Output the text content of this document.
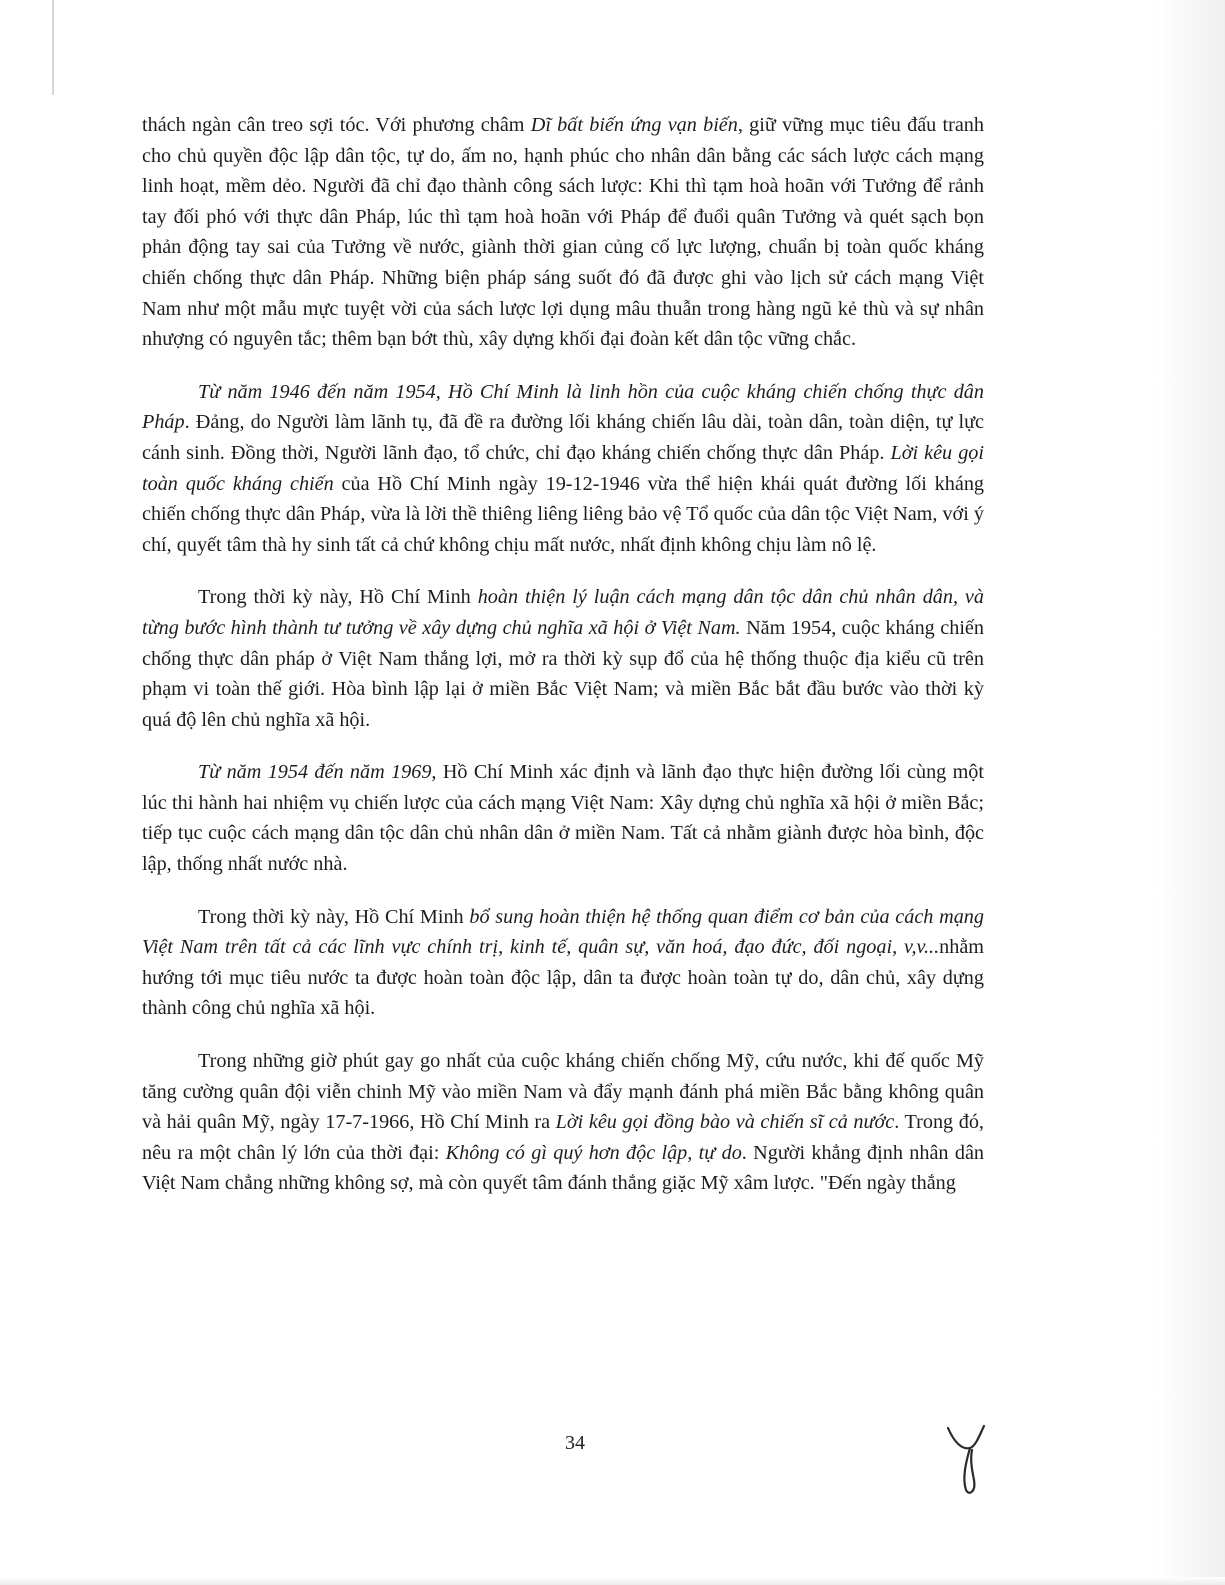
thách ngàn cân treo sợi tóc. Với phương châm Dĩ bất biến ứng vạn biến, giữ vững mục tiêu đấu tranh cho chủ quyền độc lập dân tộc, tự do, ấm no, hạnh phúc cho nhân dân bằng các sách lược cách mạng linh hoạt, mềm dẻo. Người đã chỉ đạo thành công sách lược: Khi thì tạm hoà hoãn với Tưởng để rảnh tay đối phó với thực dân Pháp, lúc thì tạm hoà hoãn với Pháp để đuổi quân Tưởng và quét sạch bọn phản động tay sai của Tưởng về nước, giành thời gian củng cố lực lượng, chuẩn bị toàn quốc kháng chiến chống thực dân Pháp. Những biện pháp sáng suốt đó đã được ghi vào lịch sử cách mạng Việt Nam như một mẫu mực tuyệt vời của sách lược lợi dụng mâu thuẫn trong hàng ngũ kẻ thù và sự nhân nhượng có nguyên tắc; thêm bạn bớt thù, xây dựng khối đại đoàn kết dân tộc vững chắc.

Từ năm 1946 đến năm 1954, Hồ Chí Minh là linh hồn của cuộc kháng chiến chống thực dân Pháp. Đảng, do Người làm lãnh tụ, đã đề ra đường lối kháng chiến lâu dài, toàn dân, toàn diện, tự lực cánh sinh. Đồng thời, Người lãnh đạo, tổ chức, chỉ đạo kháng chiến chống thực dân Pháp. Lời kêu gọi toàn quốc kháng chiến của Hồ Chí Minh ngày 19-12-1946 vừa thể hiện khái quát đường lối kháng chiến chống thực dân Pháp, vừa là lời thề thiêng liêng liêng bảo vệ Tổ quốc của dân tộc Việt Nam, với ý chí, quyết tâm thà hy sinh tất cả chứ không chịu mất nước, nhất định không chịu làm nô lệ.

Trong thời kỳ này, Hồ Chí Minh hoàn thiện lý luận cách mạng dân tộc dân chủ nhân dân, và từng bước hình thành tư tưởng về xây dựng chủ nghĩa xã hội ở Việt Nam. Năm 1954, cuộc kháng chiến chống thực dân pháp ở Việt Nam thắng lợi, mở ra thời kỳ sụp đổ của hệ thống thuộc địa kiểu cũ trên phạm vi toàn thế giới. Hòa bình lập lại ở miền Bắc Việt Nam; và miền Bắc bắt đầu bước vào thời kỳ quá độ lên chủ nghĩa xã hội.

Từ năm 1954 đến năm 1969, Hồ Chí Minh xác định và lãnh đạo thực hiện đường lối cùng một lúc thi hành hai nhiệm vụ chiến lược của cách mạng Việt Nam: Xây dựng chủ nghĩa xã hội ở miền Bắc; tiếp tục cuộc cách mạng dân tộc dân chủ nhân dân ở miền Nam. Tất cả nhằm giành được hòa bình, độc lập, thống nhất nước nhà.

Trong thời kỳ này, Hồ Chí Minh bổ sung hoàn thiện hệ thống quan điểm cơ bản của cách mạng Việt Nam trên tất cả các lĩnh vực chính trị, kinh tế, quân sự, văn hoá, đạo đức, đối ngoại, v,v...nhằm hướng tới mục tiêu nước ta được hoàn toàn độc lập, dân ta được hoàn toàn tự do, dân chủ, xây dựng thành công chủ nghĩa xã hội.

Trong những giờ phút gay go nhất của cuộc kháng chiến chống Mỹ, cứu nước, khi đế quốc Mỹ tăng cường quân đội viễn chinh Mỹ vào miền Nam và đẩy mạnh đánh phá miền Bắc bằng không quân và hải quân Mỹ, ngày 17-7-1966, Hồ Chí Minh ra Lời kêu gọi đồng bào và chiến sĩ cả nước. Trong đó, nêu ra một chân lý lớn của thời đại: Không có gì quý hơn độc lập, tự do. Người khẳng định nhân dân Việt Nam chẳng những không sợ, mà còn quyết tâm đánh thắng giặc Mỹ xâm lược. "Đến ngày thắng

34
